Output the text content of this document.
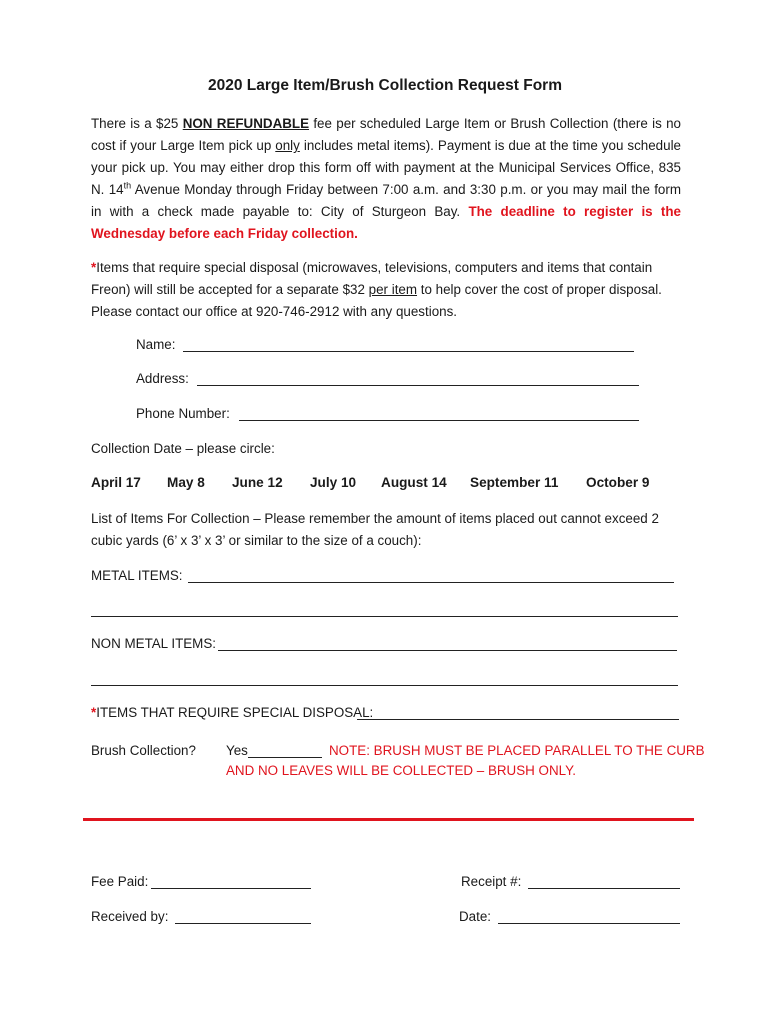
2020 Large Item/Brush Collection Request Form
There is a $25 NON REFUNDABLE fee per scheduled Large Item or Brush Collection (there is no cost if your Large Item pick up only includes metal items). Payment is due at the time you schedule your pick up. You may either drop this form off with payment at the Municipal Services Office, 835 N. 14th Avenue Monday through Friday between 7:00 a.m. and 3:30 p.m. or you may mail the form in with a check made payable to: City of Sturgeon Bay. The deadline to register is the Wednesday before each Friday collection.
*Items that require special disposal (microwaves, televisions, computers and items that contain Freon) will still be accepted for a separate $32 per item to help cover the cost of proper disposal. Please contact our office at 920-746-2912 with any questions.
Name:
Address:
Phone Number:
Collection Date – please circle:
April 17 May 8 June 12 July 10 August 14 September 11 October 9
List of Items For Collection – Please remember the amount of items placed out cannot exceed 2 cubic yards (6’ x 3’ x 3’ or similar to the size of a couch):
METAL ITEMS:
NON METAL ITEMS:
*ITEMS THAT REQUIRE SPECIAL DISPOSAL:
Brush Collection? Yes	NOTE: BRUSH MUST BE PLACED PARALLEL TO THE CURB
AND NO LEAVES WILL BE COLLECTED – BRUSH ONLY.
Fee Paid:	Receipt #:
Received by:	Date:
